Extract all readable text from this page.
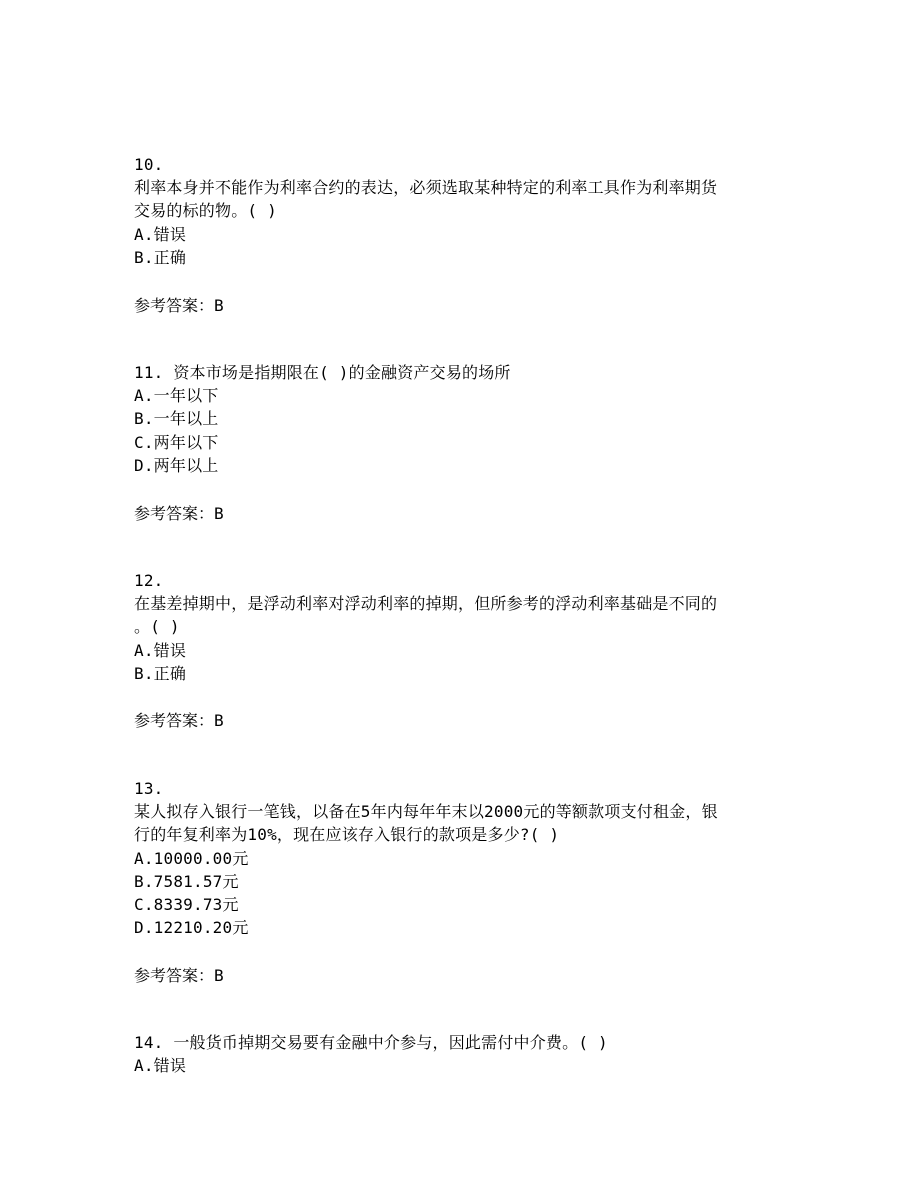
10.
利率本身并不能作为利率合约的表达，必须选取某种特定的利率工具作为利率期货
交易的标的物。( )
A.错误
B.正确
参考答案：B
11. 资本市场是指期限在( )的金融资产交易的场所
A.一年以下
B.一年以上
C.两年以下
D.两年以上
参考答案：B
12.
在基差掉期中，是浮动利率对浮动利率的掉期，但所参考的浮动利率基础是不同的
。( )
A.错误
B.正确
参考答案：B
13.
某人拟存入银行一笔钱，以备在5年内每年年末以2000元的等额款项支付租金，银
行的年复利率为10%，现在应该存入银行的款项是多少?( )
A.10000.00元
B.7581.57元
C.8339.73元
D.12210.20元
参考答案：B
14. 一般货币掉期交易要有金融中介参与，因此需付中介费。( )
A.错误
